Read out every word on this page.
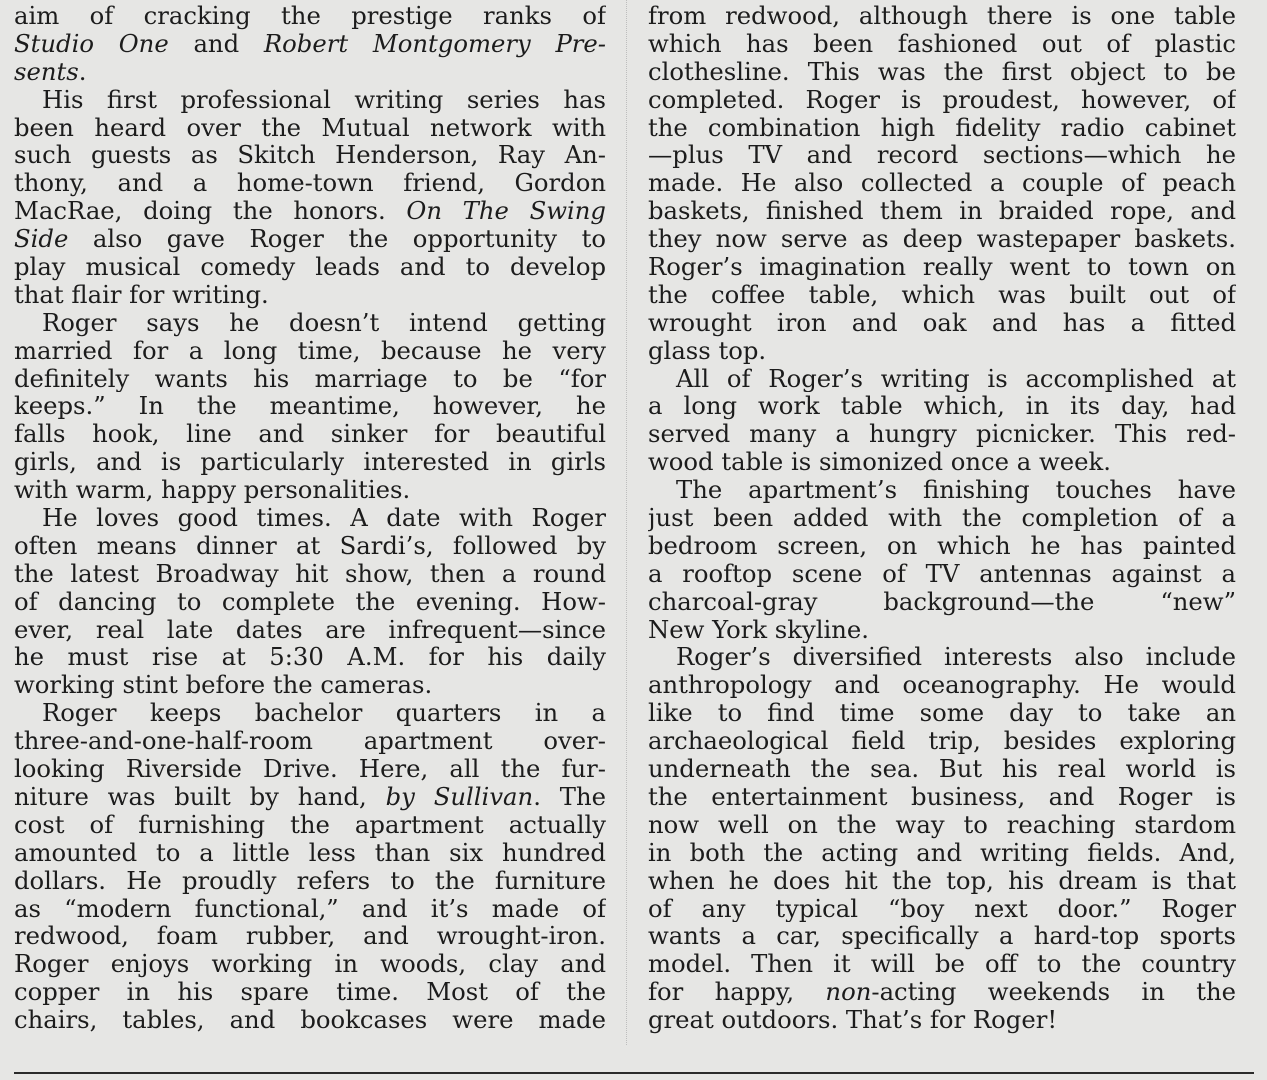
aim of cracking the prestige ranks of
Studio One and Robert Montgomery Pre-
sents.
His first professional writing series has
been heard over the Mutual network with
such guests as Skitch Henderson, Ray An-
thony, and a home-town friend, Gordon
MacRae, doing the honors. On The Swing
Side also gave Roger the opportunity to
play musical comedy leads and to develop
that flair for writing.
Roger says he doesn’t intend getting
married for a long time, because he very
definitely wants his marriage to be “for
keeps.” In the meantime, however, he
falls hook, line and sinker for beautiful
girls, and is particularly interested in girls
with warm, happy personalities.
He loves good times. A date with Roger
often means dinner at Sardi’s, followed by
the latest Broadway hit show, then a round
of dancing to complete the evening. How-
ever, real late dates are infrequent—since
he must rise at 5:30 A.M. for his daily
working stint before the cameras.
Roger keeps bachelor quarters in a
three-and-one-half-room apartment over-
looking Riverside Drive. Here, all the fur-
niture was built by hand, by Sullivan. The
cost of furnishing the apartment actually
amounted to a little less than six hundred
dollars. He proudly refers to the furniture
as “modern functional,” and it’s made of
redwood, foam rubber, and wrought-iron.
Roger enjoys working in woods, clay and
copper in his spare time. Most of the
chairs, tables, and bookcases were made
from redwood, although there is one table
which has been fashioned out of plastic
clothesline. This was the first object to be
completed. Roger is proudest, however, of
the combination high fidelity radio cabinet
—plus TV and record sections—which he
made. He also collected a couple of peach
baskets, finished them in braided rope, and
they now serve as deep wastepaper baskets.
Roger’s imagination really went to town on
the coffee table, which was built out of
wrought iron and oak and has a fitted
glass top.
All of Roger’s writing is accomplished at
a long work table which, in its day, had
served many a hungry picnicker. This red-
wood table is simonized once a week.
The apartment’s finishing touches have
just been added with the completion of a
bedroom screen, on which he has painted
a rooftop scene of TV antennas against a
charcoal-gray background—the “new”
New York skyline.
Roger’s diversified interests also include
anthropology and oceanography. He would
like to find time some day to take an
archaeological field trip, besides exploring
underneath the sea. But his real world is
the entertainment business, and Roger is
now well on the way to reaching stardom
in both the acting and writing fields. And,
when he does hit the top, his dream is that
of any typical “boy next door.” Roger
wants a car, specifically a hard-top sports
model. Then it will be off to the country
for happy, non-acting weekends in the
great outdoors. That’s for Roger!
